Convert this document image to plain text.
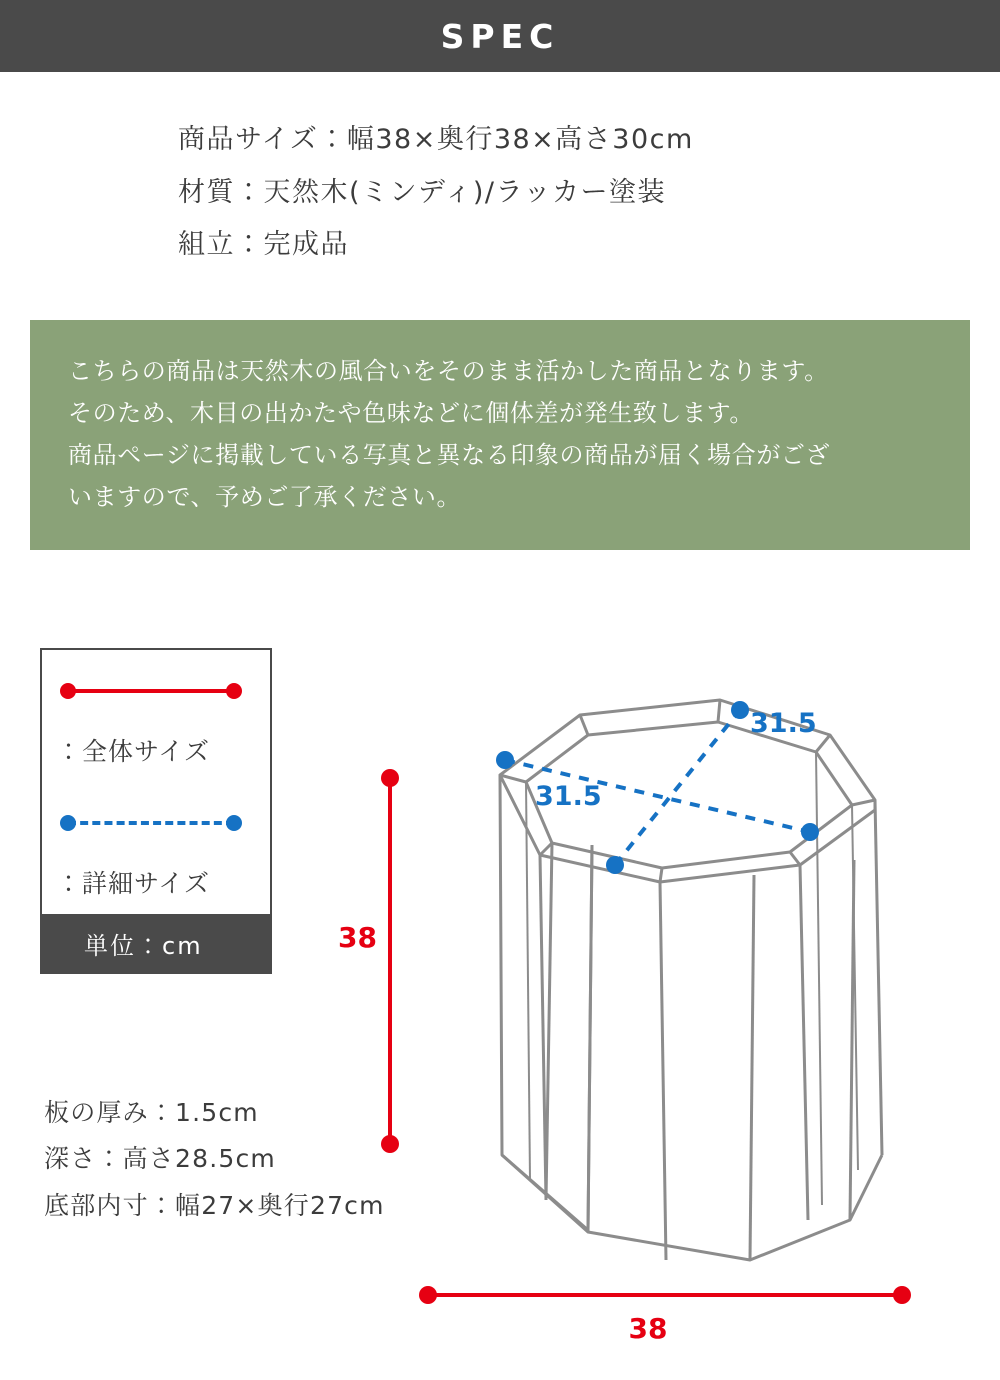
SPEC
商品サイズ：幅38×奥行38×高さ30cm
材質：天然木(ミンディ)/ラッカー塗装
組立：完成品
こちらの商品は天然木の風合いをそのまま活かした商品となります。
そのため、木目の出かたや色味などに個体差が発生致します。
商品ページに掲載している写真と異なる印象の商品が届く場合がござ
いますので、予めご了承ください。
：全体サイズ
：詳細サイズ
単位：cm
板の厚み：1.5cm
深さ：高さ28.5cm
底部内寸：幅27×奥行27cm
31.5
31.5
38
38
